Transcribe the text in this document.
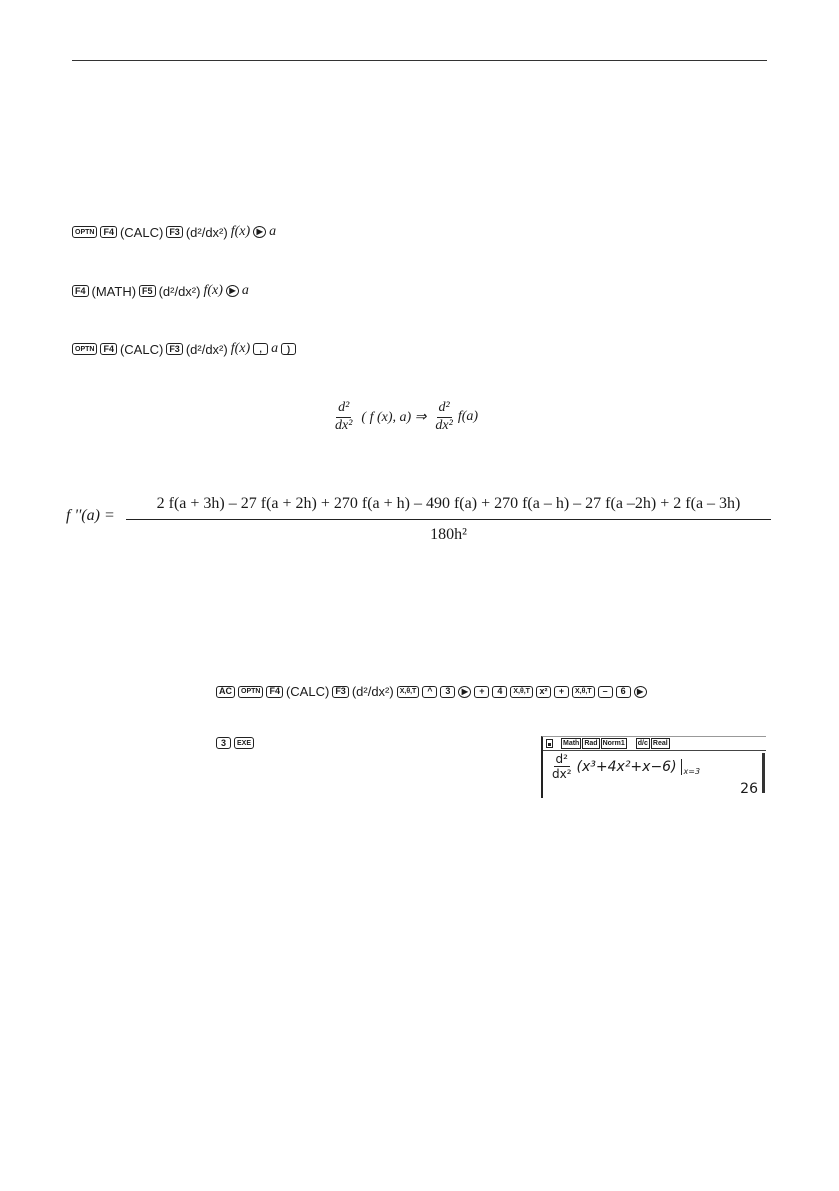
OPTN	F4 (CALC) F3 (d²/dx²) f(x) ▶ a
F4 (MATH) F5 (d²/dx²) f(x) ▶ a
OPTN	F4 (CALC) F3 (d²/dx²) f(x)	, a	)
$\frac{\text{d²}}{\text{dx²}}$ ( f (x), a) ⇒ $\frac{\text{d²}}{\text{dx²}} f(a)$
f ''(a) =
2 f(a + 3h) – 27 f(a + 2h) + 270 f(a + h) – 490 f(a) + 270 f(a – h) – 27 f(a –2h) + 2 f(a – 3h)
180h²
AC	OPTN	F4 (CALC) F3 (d²/dx²) X,θ,T	^	3	▶	+	4	X,θ,T	x²	+	X,θ,T	–	6	▶
3	EXE	Math Rad Norm1 d/c Real
$\frac{\text{d²}}{\text{dx²}} (x^3+4x^2+x-6)$ x=3
26
